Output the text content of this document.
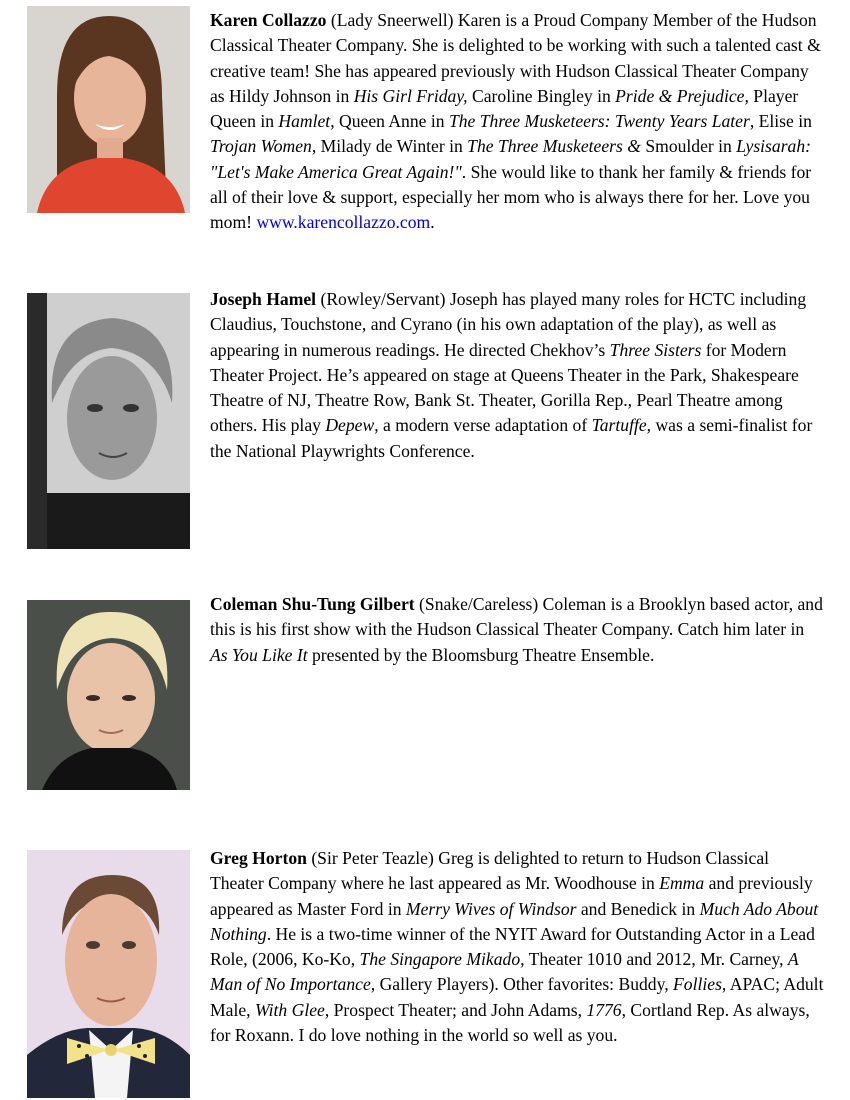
Karen Collazzo (Lady Sneerwell) Karen is a Proud Company Member of the Hudson Classical Theater Company. She is delighted to be working with such a talented cast & creative team! She has appeared previously with Hudson Classical Theater Company as Hildy Johnson in His Girl Friday, Caroline Bingley in Pride & Prejudice, Player Queen in Hamlet, Queen Anne in The Three Musketeers: Twenty Years Later, Elise in Trojan Women, Milady de Winter in The Three Musketeers & Smoulder in Lysisarah: "Let's Make America Great Again!". She would like to thank her family & friends for all of their love & support, especially her mom who is always there for her. Love you mom! www.karencollazzo.com.
Joseph Hamel (Rowley/Servant) Joseph has played many roles for HCTC including Claudius, Touchstone, and Cyrano (in his own adaptation of the play), as well as appearing in numerous readings. He directed Chekhov’s Three Sisters for Modern Theater Project. He’s appeared on stage at Queens Theater in the Park, Shakespeare Theatre of NJ, Theatre Row, Bank St. Theater, Gorilla Rep., Pearl Theatre among others. His play Depew, a modern verse adaptation of Tartuffe, was a semi-finalist for the National Playwrights Conference.
Coleman Shu-Tung Gilbert (Snake/Careless) Coleman is a Brooklyn based actor, and this is his first show with the Hudson Classical Theater Company. Catch him later in As You Like It presented by the Bloomsburg Theatre Ensemble.
Greg Horton (Sir Peter Teazle) Greg is delighted to return to Hudson Classical Theater Company where he last appeared as Mr. Woodhouse in Emma and previously appeared as Master Ford in Merry Wives of Windsor and Benedick in Much Ado About Nothing. He is a two-time winner of the NYIT Award for Outstanding Actor in a Lead Role, (2006, Ko-Ko, The Singapore Mikado, Theater 1010 and 2012, Mr. Carney, A Man of No Importance, Gallery Players). Other favorites: Buddy, Follies, APAC; Adult Male, With Glee, Prospect Theater; and John Adams, 1776, Cortland Rep. As always, for Roxann. I do love nothing in the world so well as you.
